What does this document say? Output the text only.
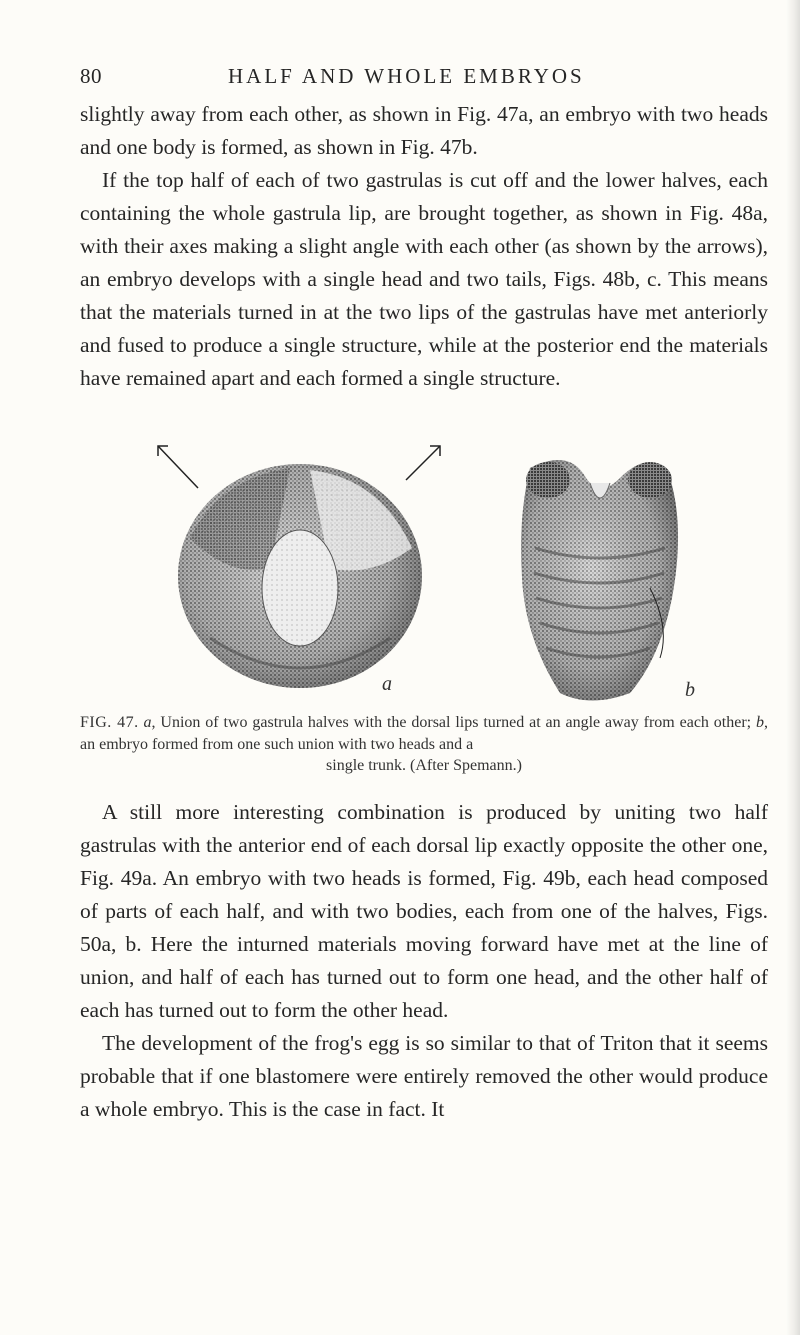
80	HALF AND WHOLE EMBRYOS

slightly away from each other, as shown in Fig. 47a, an embryo with two heads and one body is formed, as shown in Fig. 47b.

If the top half of each of two gastrulas is cut off and the lower halves, each containing the whole gastrula lip, are brought together, as shown in Fig. 48a, with their axes making a slight angle with each other (as shown by the arrows), an embryo develops with a single head and two tails, Figs. 48b, c. This means that the materials turned in at the two lips of the gastrulas have met anteriorly and fused to produce a single structure, while at the posterior end the materials have remained apart and each formed a single structure.

a	b
FIG. 47. a, Union of two gastrula halves with the dorsal lips turned at an angle away from each other; b, an embryo formed from one such union with two heads and a
single trunk. (After Spemann.)

A still more interesting combination is produced by uniting two half gastrulas with the anterior end of each dorsal lip exactly opposite the other one, Fig. 49a. An embryo with two heads is formed, Fig. 49b, each head composed of parts of each half, and with two bodies, each from one of the halves, Figs. 50a, b. Here the inturned materials moving forward have met at the line of union, and half of each has turned out to form one head, and the other half of each has turned out to form the other head.

The development of the frog's egg is so similar to that of Triton that it seems probable that if one blastomere were entirely removed the other would produce a whole embryo. This is the case in fact. It
